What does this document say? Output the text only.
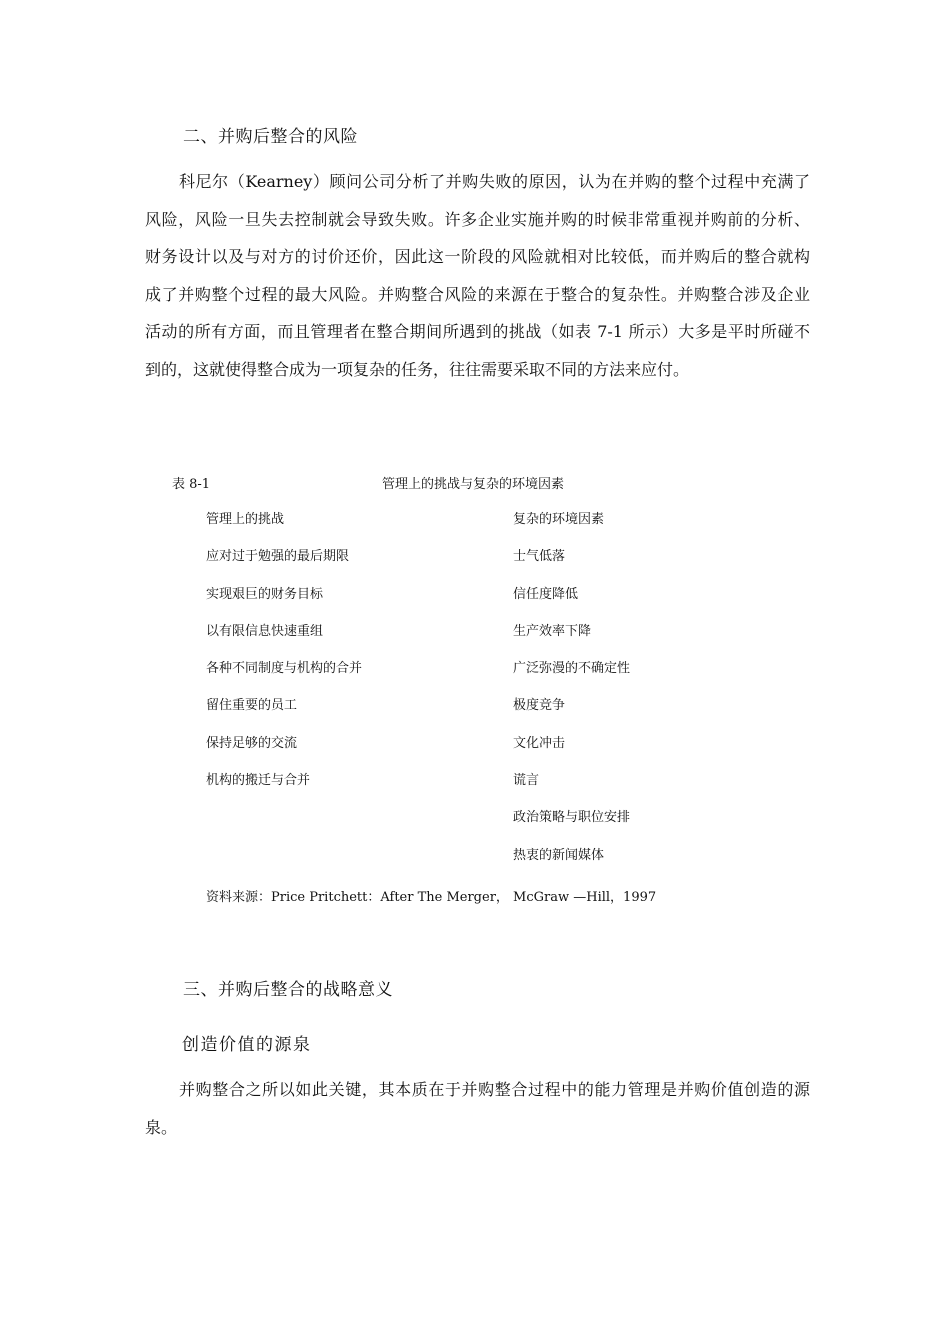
二、并购后整合的风险
科尼尔（Kearney）顾问公司分析了并购失败的原因，认为在并购的整个过程中充满了
风险，风险一旦失去控制就会导致失败。许多企业实施并购的时候非常重视并购前的分析、
财务设计以及与对方的讨价还价，因此这一阶段的风险就相对比较低，而并购后的整合就构
成了并购整个过程的最大风险。并购整合风险的来源在于整合的复杂性。并购整合涉及企业
活动的所有方面，而且管理者在整合期间所遇到的挑战（如表 7-1 所示）大多是平时所碰不
到的，这就使得整合成为一项复杂的任务，往往需要采取不同的方法来应付。
表 8-1	管理上的挑战与复杂的环境因素
管理上的挑战
应对过于勉强的最后期限
实现艰巨的财务目标
以有限信息快速重组
各种不同制度与机构的合并
留住重要的员工
保持足够的交流
机构的搬迁与合并
复杂的环境因素
士气低落
信任度降低
生产效率下降
广泛弥漫的不确定性
极度竞争
文化冲击
谎言
政治策略与职位安排
热衷的新闻媒体
资料来源：Price Pritchett：After The Merger， McGraw —Hill，1997
三、并购后整合的战略意义
创造价值的源泉
并购整合之所以如此关键，其本质在于并购整合过程中的能力管理是并购价值创造的源
泉。
